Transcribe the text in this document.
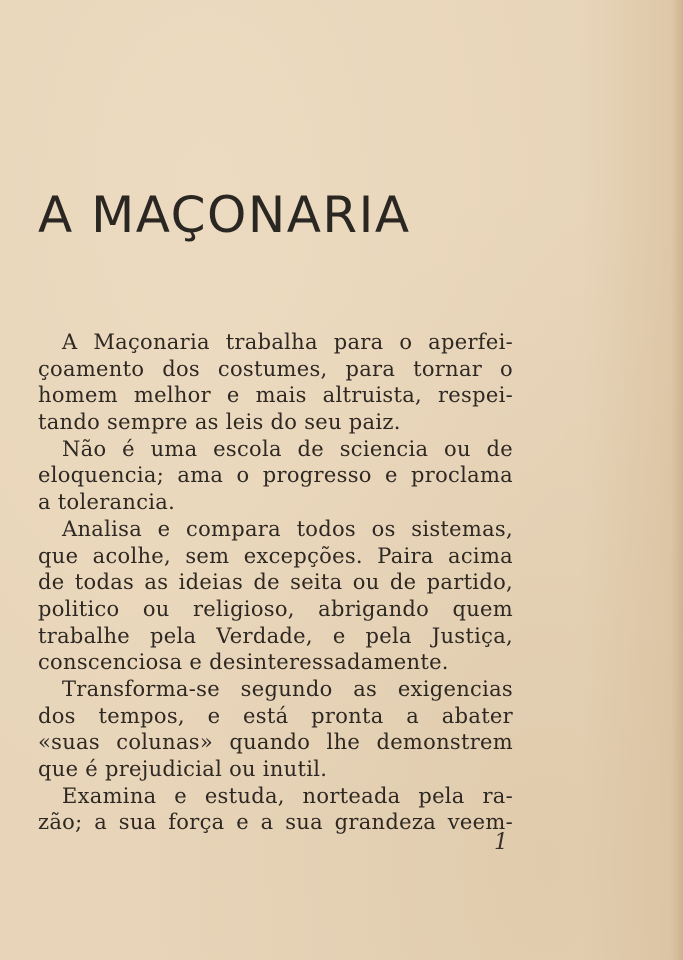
A MAÇONARIA
A Maçonaria trabalha para o aperfei-
çoamento dos costumes, para tornar o
homem melhor e mais altruista, respei-
tando sempre as leis do seu paiz.
Não é uma escola de sciencia ou de
eloquencia; ama o progresso e proclama
a tolerancia.
Analisa e compara todos os sistemas,
que acolhe, sem excepções. Paira acima
de todas as ideias de seita ou de partido,
politico ou religioso, abrigando quem
trabalhe pela Verdade, e pela Justiça,
conscenciosa e desinteressadamente.
Transforma-se segundo as exigencias
dos tempos, e está pronta a abater
«suas colunas» quando lhe demonstrem
que é prejudicial ou inutil.
Examina e estuda, norteada pela ra-
zão; a sua força e a sua grandeza veem-
1
